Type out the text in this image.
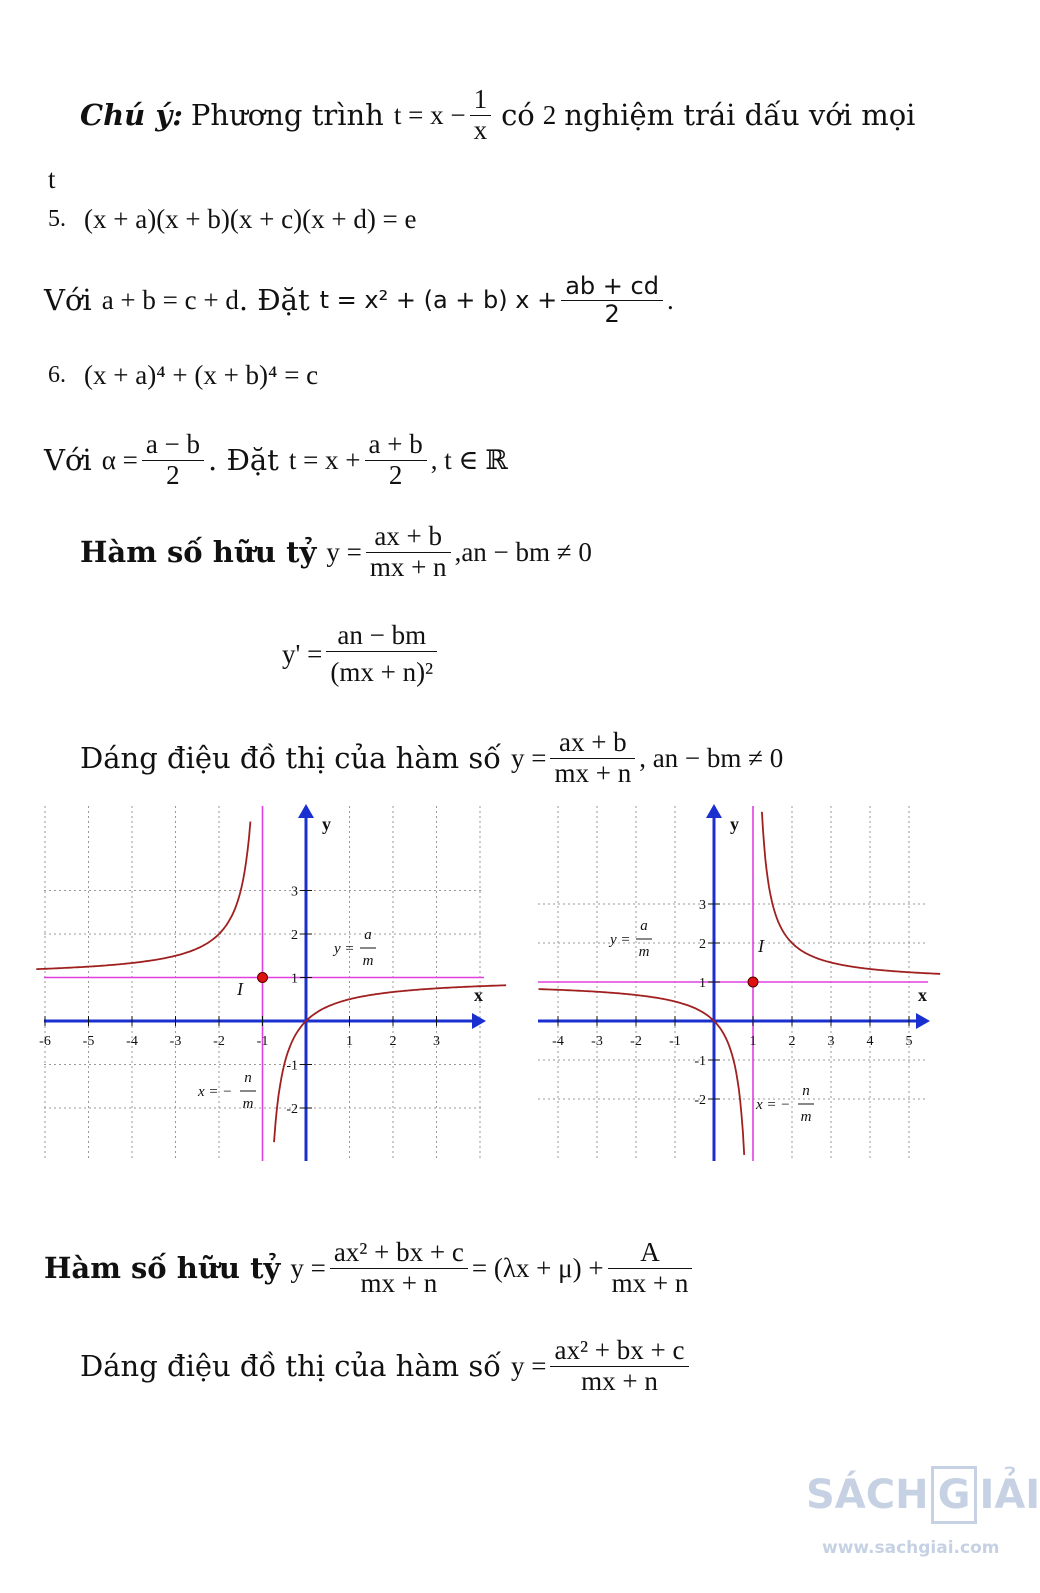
Chú ý: Phương trình $t = x - \frac{1}{x}$ có 2 nghiệm trái dấu với mọi
t
5. (x + a)(x + b)(x + c)(x + d) = e
Với a + b = c + d . Đặt t = x² + (a + b) $x + \frac{ab + cd}{2}$ .
6. (x + a)⁴ + (x + b)⁴ = c
Với $\alpha = \frac{a - b}{2}$ . Đặt $t = x + \frac{a + b}{2}$ , t ∈ ℝ
Hàm số hữu tỷ $y = \frac{ax + b}{mx + n} ,an$ − bm ≠ 0
$y' = \frac{an - bm}{\text{(mx + n)²}}$
Dáng điệu đồ thị của hàm số $y = \frac{ax + b}{mx + n}$ , an − bm ≠ 0
3
2
1
-1
-2
-6 -5 -4 -3 -2 -1	1	2	3
x
y
I
y =
a
m
x = −
n
m
3
2
1
-1
-2
-4 -3 -2 -1	1 2 3 4 5
x
y
I
y =
a
m
x = −
n
m
Hàm số hữu tỷ $y = \frac{\text{ax² + bx + c}}{mx + n} = (\lambda x + \mu) + \frac{A}{mx + n}$
Dáng điệu đồ thị của hàm số $y = \frac{\text{ax² + bx + c}}{mx + n}$
SÁCH G IẢI
www.sachgiai.com
